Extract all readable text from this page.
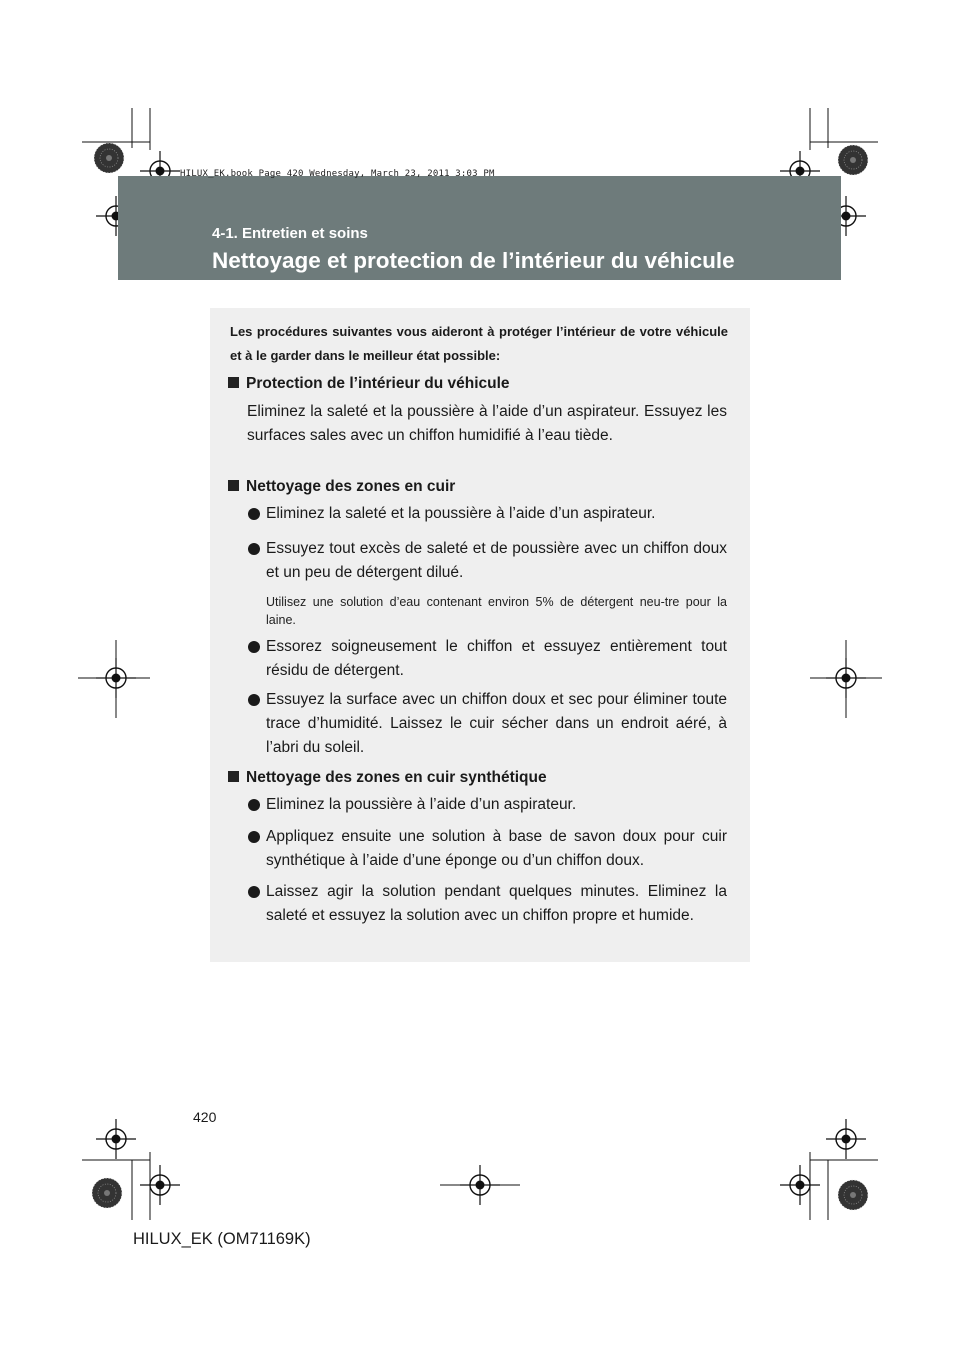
HILUX_EK.book Page 420 Wednesday, March 23, 2011 3:03 PM
4-1. Entretien et soins
Nettoyage et protection de l’intérieur du véhicule

Les procédures suivantes vous aideront à protéger l’intérieur de votre véhicule et à le garder dans le meilleur état possible:

Protection de l’intérieur du véhicule

Eliminez la saleté et la poussière à l’aide d’un aspirateur. Essuyez les surfaces sales avec un chiffon humidifié à l’eau tiède.

Nettoyage des zones en cuir

Eliminez la saleté et la poussière à l’aide d’un aspirateur.

Essuyez tout excès de saleté et de poussière avec un chiffon doux et un peu de détergent dilué.

Utilisez une solution d’eau contenant environ 5% de détergent neu-tre pour la laine.

Essorez soigneusement le chiffon et essuyez entièrement tout résidu de détergent.

Essuyez la surface avec un chiffon doux et sec pour éliminer toute trace d’humidité. Laissez le cuir sécher dans un endroit aéré, à l’abri du soleil.

Nettoyage des zones en cuir synthétique

Eliminez la poussière à l’aide d’un aspirateur.

Appliquez ensuite une solution à base de savon doux pour cuir synthétique à l’aide d’une éponge ou d’un chiffon doux.

Laissez agir la solution pendant quelques minutes. Eliminez la saleté et essuyez la solution avec un chiffon propre et humide.

420
HILUX_EK (OM71169K)
